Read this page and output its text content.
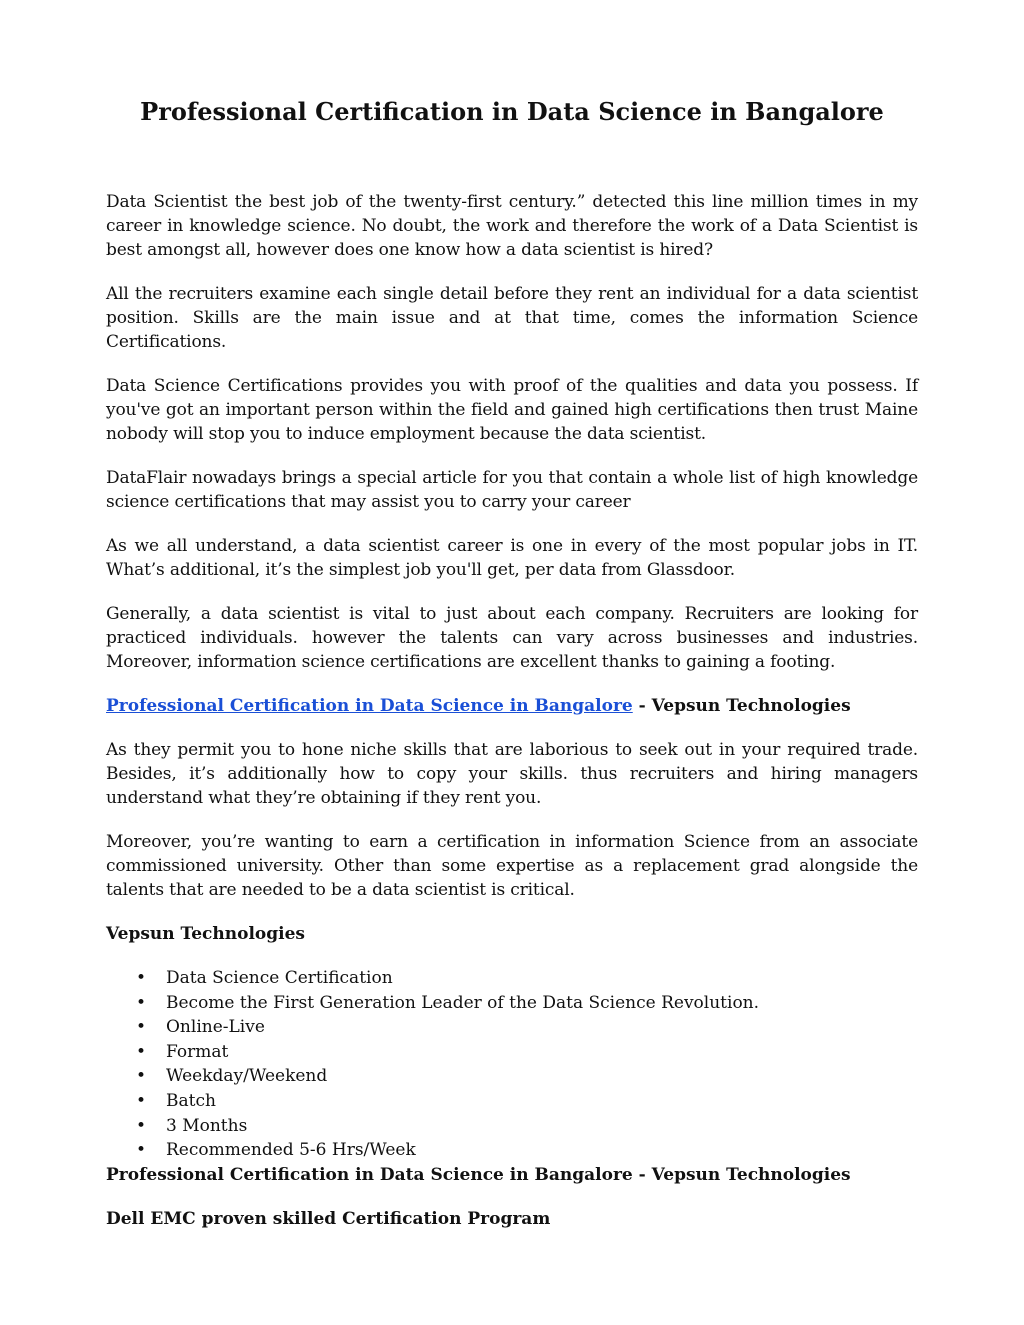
Professional Certification in Data Science in Bangalore

Data Scientist the best job of the twenty-first century.” detected this line million times in my career in knowledge science. No doubt, the work and therefore the work of a Data Scientist is best amongst all, however does one know how a data scientist is hired?

All the recruiters examine each single detail before they rent an individual for a data scientist position. Skills are the main issue and at that time, comes the information Science Certifications.

Data Science Certifications provides you with proof of the qualities and data you possess. If you've got an important person within the field and gained high certifications then trust Maine nobody will stop you to induce employment because the data scientist.

DataFlair nowadays brings a special article for you that contain a whole list of high knowledge science certifications that may assist you to carry your career

As we all understand, a data scientist career is one in every of the most popular jobs in IT. What’s additional, it’s the simplest job you'll get, per data from Glassdoor.

Generally, a data scientist is vital to just about each company. Recruiters are looking for practiced individuals. however the talents can vary across businesses and industries. Moreover, information science certifications are excellent thanks to gaining a footing.

Professional Certification in Data Science in Bangalore - Vepsun Technologies

As they permit you to hone niche skills that are laborious to seek out in your required trade. Besides, it’s additionally how to copy your skills. thus recruiters and hiring managers understand what they’re obtaining if they rent you.

Moreover, you’re wanting to earn a certification in information Science from an associate commissioned university. Other than some expertise as a replacement grad alongside the talents that are needed to be a data scientist is critical.

Vepsun Technologies

• Data Science Certification
• Become the First Generation Leader of the Data Science Revolution.
• Online-Live
• Format
• Weekday/Weekend
• Batch
• 3 Months
• Recommended 5-6 Hrs/Week

Professional Certification in Data Science in Bangalore - Vepsun Technologies

Dell EMC proven skilled Certification Program
